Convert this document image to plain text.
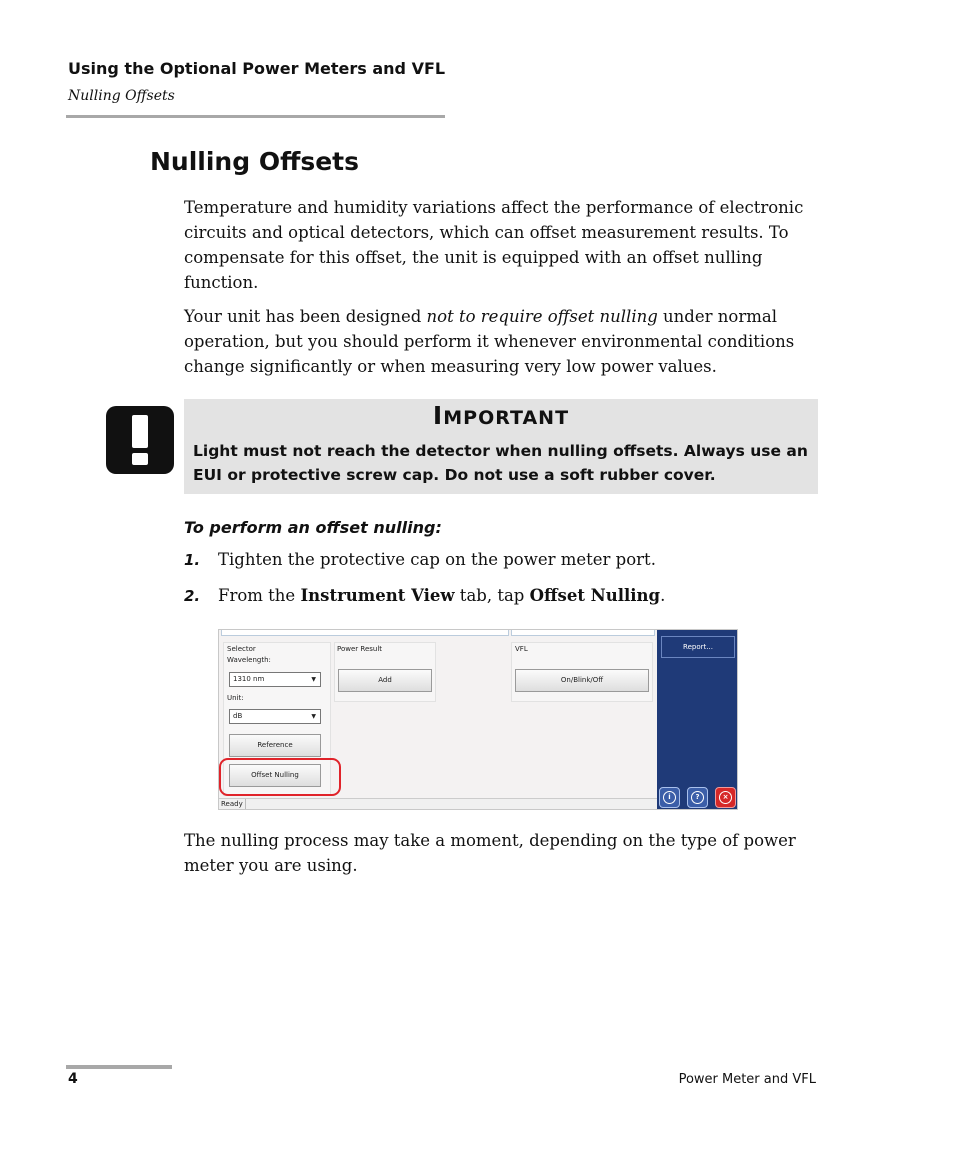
Using the Optional Power Meters and VFL
Nulling Offsets
Nulling Offsets

Temperature and humidity variations affect the performance of electronic circuits and optical detectors, which can offset measurement results. To compensate for this offset, the unit is equipped with an offset nulling function.

Your unit has been designed not to require offset nulling under normal operation, but you should perform it whenever environmental conditions change significantly or when measuring very low power values.

IMPORTANT
Light must not reach the detector when nulling offsets. Always use an EUI or protective screw cap. Do not use a soft rubber cover.
To perform an offset nulling:
1. Tighten the protective cap on the power meter port.
2. From the Instrument View tab, tap Offset Nulling.
Selector
Wavelength:
1310 nm	▼
Unit:
dB	▼
Reference
Offset Nulling
Power Result
Add
VFL
On/Blink/Off
Ready
Report...
i	?	×

The nulling process may take a moment, depending on the type of power meter you are using.

4	Power Meter and VFL
